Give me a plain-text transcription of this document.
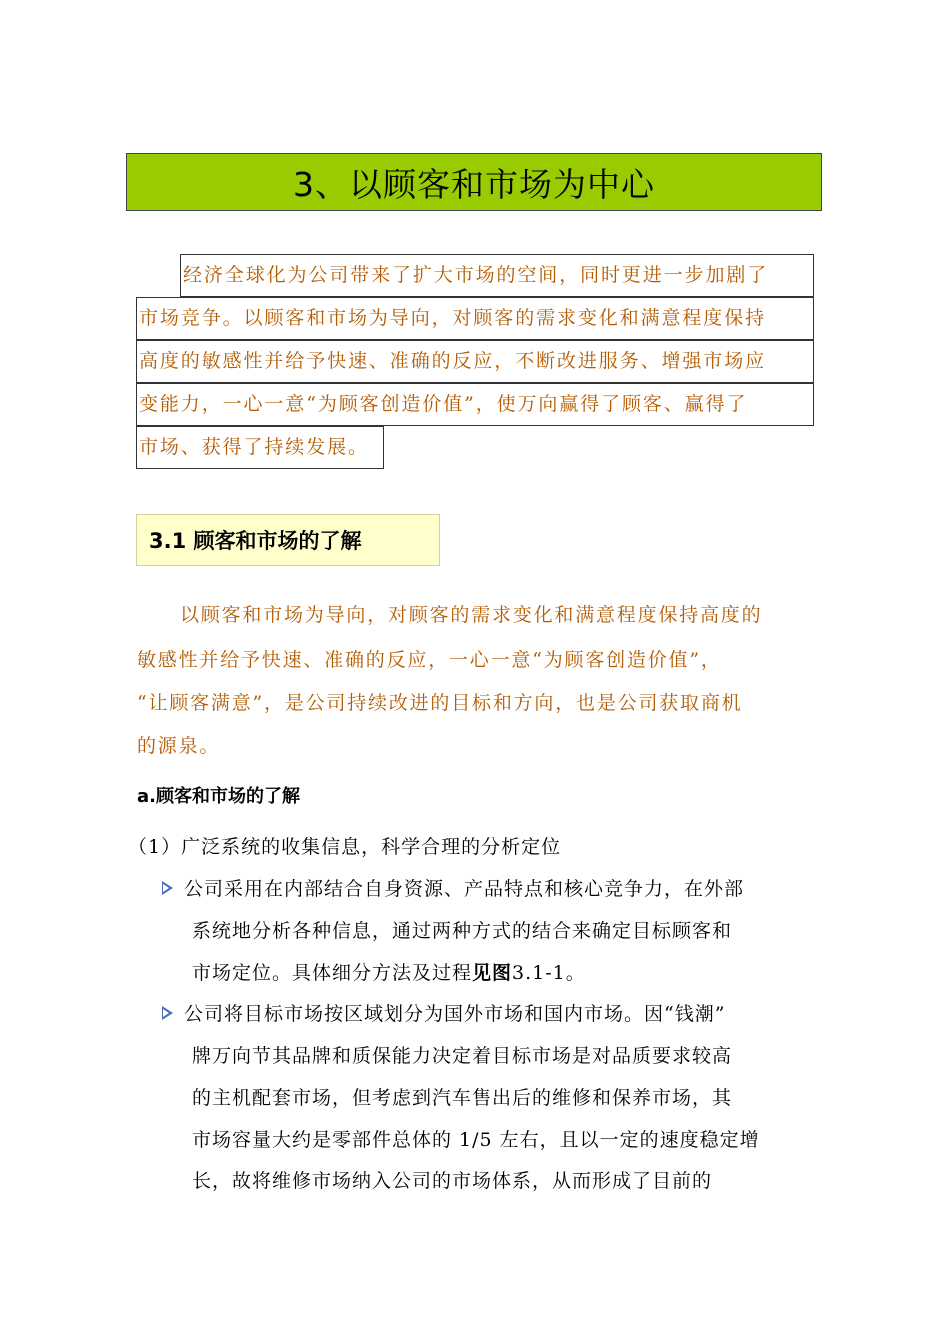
3、以顾客和市场为中心
经济全球化为公司带来了扩大市场的空间，同时更进一步加剧了
市场竞争。以顾客和市场为导向，对顾客的需求变化和满意程度保持
高度的敏感性并给予快速、准确的反应，不断改进服务、增强市场应
变能力，一心一意“为顾客创造价值”，使万向赢得了顾客、赢得了
市场、获得了持续发展。
3.1 顾客和市场的了解
以顾客和市场为导向，对顾客的需求变化和满意程度保持高度的
敏感性并给予快速、准确的反应，一心一意“为顾客创造价值”，
“让顾客满意”，是公司持续改进的目标和方向，也是公司获取商机
的源泉。
a.顾客和市场的了解
（1）广泛系统的收集信息，科学合理的分析定位
公司采用在内部结合自身资源、产品特点和核心竞争力，在外部
系统地分析各种信息，通过两种方式的结合来确定目标顾客和
市场定位。具体细分方法及过程见图3.1-1。
公司将目标市场按区域划分为国外市场和国内市场。因“钱潮”
牌万向节其品牌和质保能力决定着目标市场是对品质要求较高
的主机配套市场，但考虑到汽车售出后的维修和保养市场，其
市场容量大约是零部件总体的 1/5 左右，且以一定的速度稳定增
长，故将维修市场纳入公司的市场体系，从而形成了目前的
